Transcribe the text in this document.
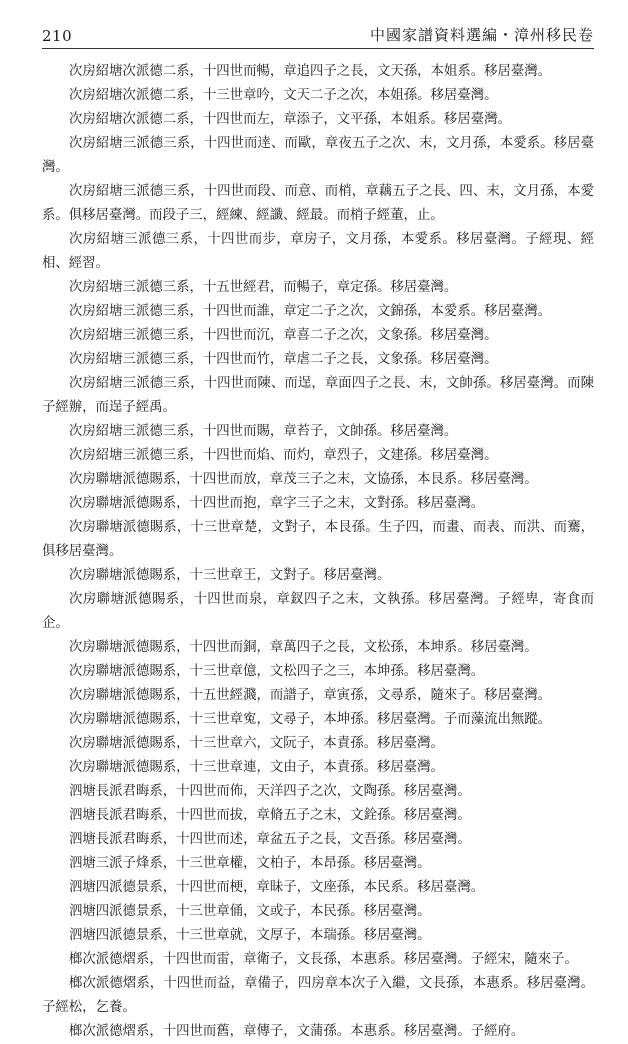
210	中國家譜資料選編・漳州移民卷

次房紹塘次派德二系，十四世而暢，章追四子之長，文天孫，本姐系。移居臺灣。

次房紹塘次派德二系，十三世章吟，文天二子之次，本姐孫。移居臺灣。

次房紹塘次派德二系，十四世而左，章添子，文平孫，本姐系。移居臺灣。

次房紹塘三派德三系，十四世而逹、而歐，章夜五子之次、末，文月孫，本愛系。移居臺灣。

次房紹塘三派德三系，十四世而段、而意、而梢，章藕五子之長、四、末，文月孫，本愛系。俱移居臺灣。而段子三，經練、經讖、經最。而梢子經董，止。

次房紹塘三派德三系，十四世而步，章房子，文月孫，本愛系。移居臺灣。子經現、經相、經習。

次房紹塘三派德三系，十五世經君，而暢子，章定孫。移居臺灣。

次房紹塘三派德三系，十四世而誰，章定二子之次，文錦孫，本愛系。移居臺灣。

次房紹塘三派德三系，十四世而沉，章喜二子之次，文象孫。移居臺灣。

次房紹塘三派德三系，十四世而竹，章虐二子之長，文象孫。移居臺灣。

次房紹塘三派德三系，十四世而陳、而逞，章面四子之長、末，文帥孫。移居臺灣。而陳子經辦，而逞子經禹。

次房紹塘三派德三系，十四世而賜，章苔子，文帥孫。移居臺灣。

次房紹塘三派德三系，十四世而焰、而灼，章烈子，文建孫。移居臺灣。

次房聯塘派德賜系，十四世而放，章茂三子之末，文協孫，本艮系。移居臺灣。

次房聯塘派德賜系，十四世而抱，章字三子之末，文對孫。移居臺灣。

次房聯塘派德賜系，十三世章楚，文對子，本艮孫。生子四，而畫、而表、而洪、而騫，俱移居臺灣。

次房聯塘派德賜系，十三世章王，文對子。移居臺灣。

次房聯塘派德賜系，十四世而泉，章釵四子之末，文執孫。移居臺灣。子經卑，寄食而企。

次房聯塘派德賜系，十四世而銅，章萬四子之長，文松孫，本坤系。移居臺灣。

次房聯塘派德賜系，十三世章億，文松四子之三，本坤孫。移居臺灣。

次房聯塘派德賜系，十五世經濺，而譜子，章寅孫，文尋系，隨來子。移居臺灣。

次房聯塘派德賜系，十三世章寃，文尋子，本坤孫。移居臺灣。子而藻流出無蹤。

次房聯塘派德賜系，十三世章六，文阮子，本責孫。移居臺灣。

次房聯塘派德賜系，十三世章連，文由子，本責孫。移居臺灣。

泗塘長派君晦系，十四世而佈，天洋四子之次，文陶孫。移居臺灣。

泗塘長派君晦系，十四世而拔，章脩五子之末，文銓孫。移居臺灣。

泗塘長派君晦系，十四世而述，章盆五子之長，文吾孫。移居臺灣。

泗塘三派子烽系，十三世章權，文柏子，本昂孫。移居臺灣。

泗塘四派德景系，十四世而梗，章昧子，文座孫，本民系。移居臺灣。

泗塘四派德景系，十三世章俑，文或子，本民孫。移居臺灣。

泗塘四派德景系，十三世章就，文厚子，本瑞孫。移居臺灣。

榔次派德熠系，十四世而雷，章衛子，文長孫，本惠系。移居臺灣。子經宋，隨來子。

榔次派德熠系，十四世而益，章備子，四房章本次子入繼，文長孫，本惠系。移居臺灣。子經松，乞養。

榔次派德熠系，十四世而舊，章傳子，文蒲孫。本惠系。移居臺灣。子經府。
